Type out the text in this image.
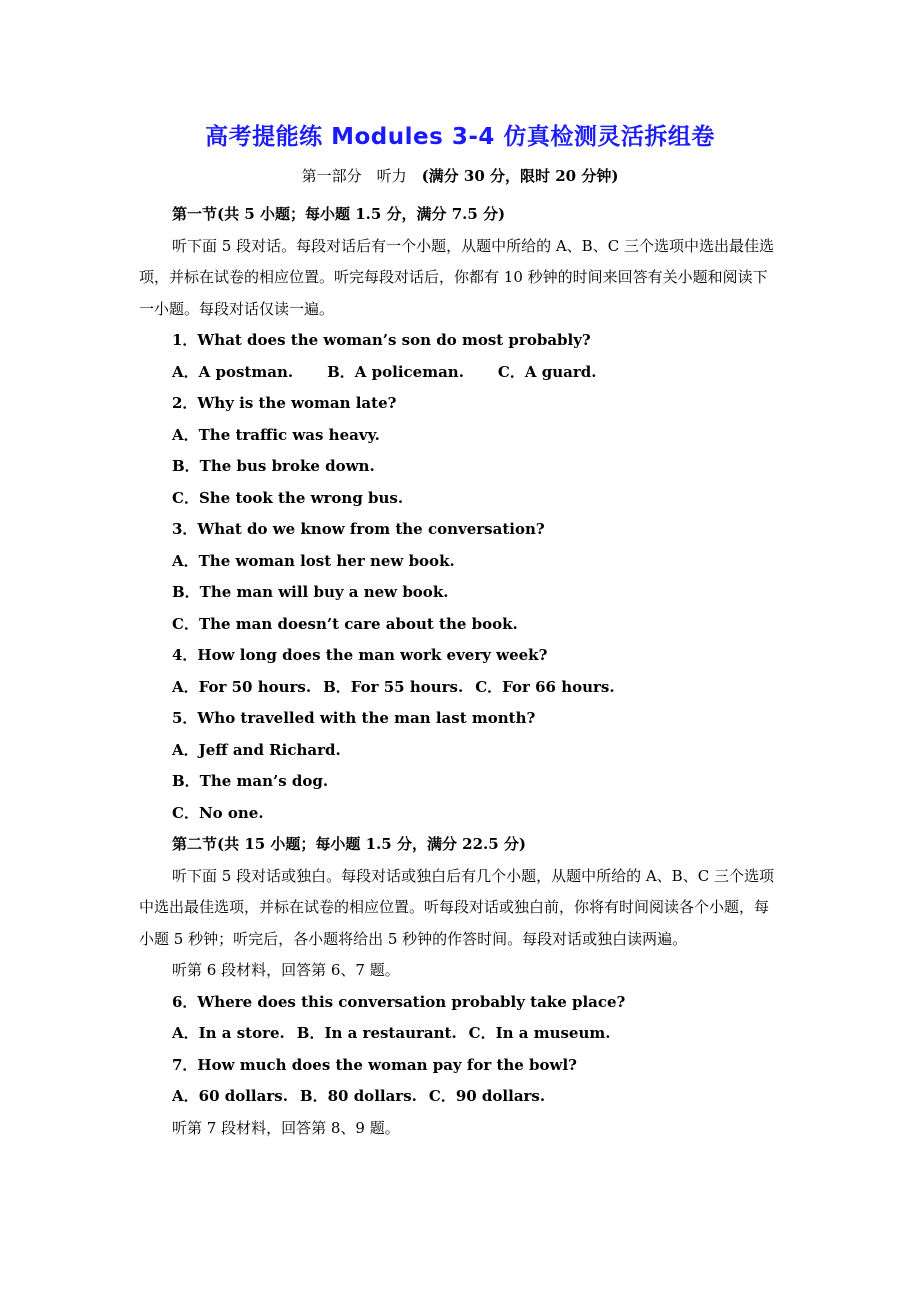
高考提能练 Modules 3-4 仿真检测灵活拆组卷
第一部分　听力　(满分 30 分，限时 20 分钟)

第一节(共 5 小题；每小题 1.5 分，满分 7.5 分)

听下面 5 段对话。每段对话后有一个小题，从题中所给的 A、B、C 三个选项中选出最佳选项，并标在试卷的相应位置。听完每段对话后，你都有 10 秒钟的时间来回答有关小题和阅读下一小题。每段对话仅读一遍。

1．What does the woman’s son do most probably?

A．A postman. B．A policeman. C．A guard.

2．Why is the woman late?

A．The traffic was heavy.

B．The bus broke down.

C．She took the wrong bus.

3．What do we know from the conversation?

A．The woman lost her new book.

B．The man will buy a new book.

C．The man doesn’t care about the book.

4．How long does the man work every week?

A．For 50 hours. B．For 55 hours. C．For 66 hours.

5．Who travelled with the man last month?

A．Jeff and Richard.

B．The man’s dog.

C．No one.

第二节(共 15 小题；每小题 1.5 分，满分 22.5 分)

听下面 5 段对话或独白。每段对话或独白后有几个小题，从题中所给的 A、B、C 三个选项中选出最佳选项，并标在试卷的相应位置。听每段对话或独白前，你将有时间阅读各个小题，每小题 5 秒钟；听完后，各小题将给出 5 秒钟的作答时间。每段对话或独白读两遍。

听第 6 段材料，回答第 6、7 题。

6．Where does this conversation probably take place?

A．In a store. B．In a restaurant. C．In a museum.

7．How much does the woman pay for the bowl?

A．60 dollars. B．80 dollars. C．90 dollars.

听第 7 段材料，回答第 8、9 题。
